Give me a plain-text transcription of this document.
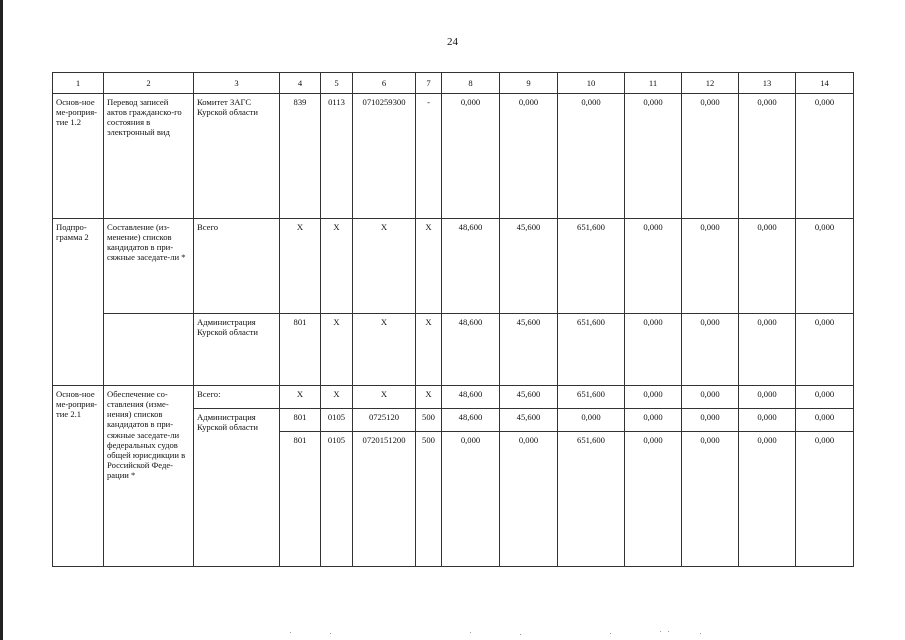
24
1	2	3	4	5	6	7	8	9	10	11	12	13	14
Основ-ное ме-роприя-тие 1.2	Перевод записей актов гражданско-го состояния в электронный вид	Комитет ЗАГС Курской области	839	0113	0710259300	-	0,000	0,000	0,000	0,000	0,000	0,000	0,000
Подпро-грамма 2	Составление (из-менение) списков кандидатов в при-сяжные заседате-ли *	Всего	Х	Х	Х	Х	48,600	45,600	651,600	0,000	0,000	0,000	0,000
		Администрация Курской области	801	Х	Х	Х	48,600	45,600	651,600	0,000	0,000	0,000	0,000
Основ-ное ме-роприя-тие 2.1	Обеспечение со-ставления (изме-нения) списков кандидатов в при-сяжные заседате-ли федеральных судов общей юрисдикции в Российской Феде-рации *	Всего:	Х	Х	Х	Х	48,600	45,600	651,600	0,000	0,000	0,000	0,000
		Администрация Курской области	801	0105	0725120	500	48,600	45,600	0,000	0,000	0,000	0,000	0,000
			801	0105	0720151200	500	0,000	0,000	651,600	0,000	0,000	0,000	0,000
